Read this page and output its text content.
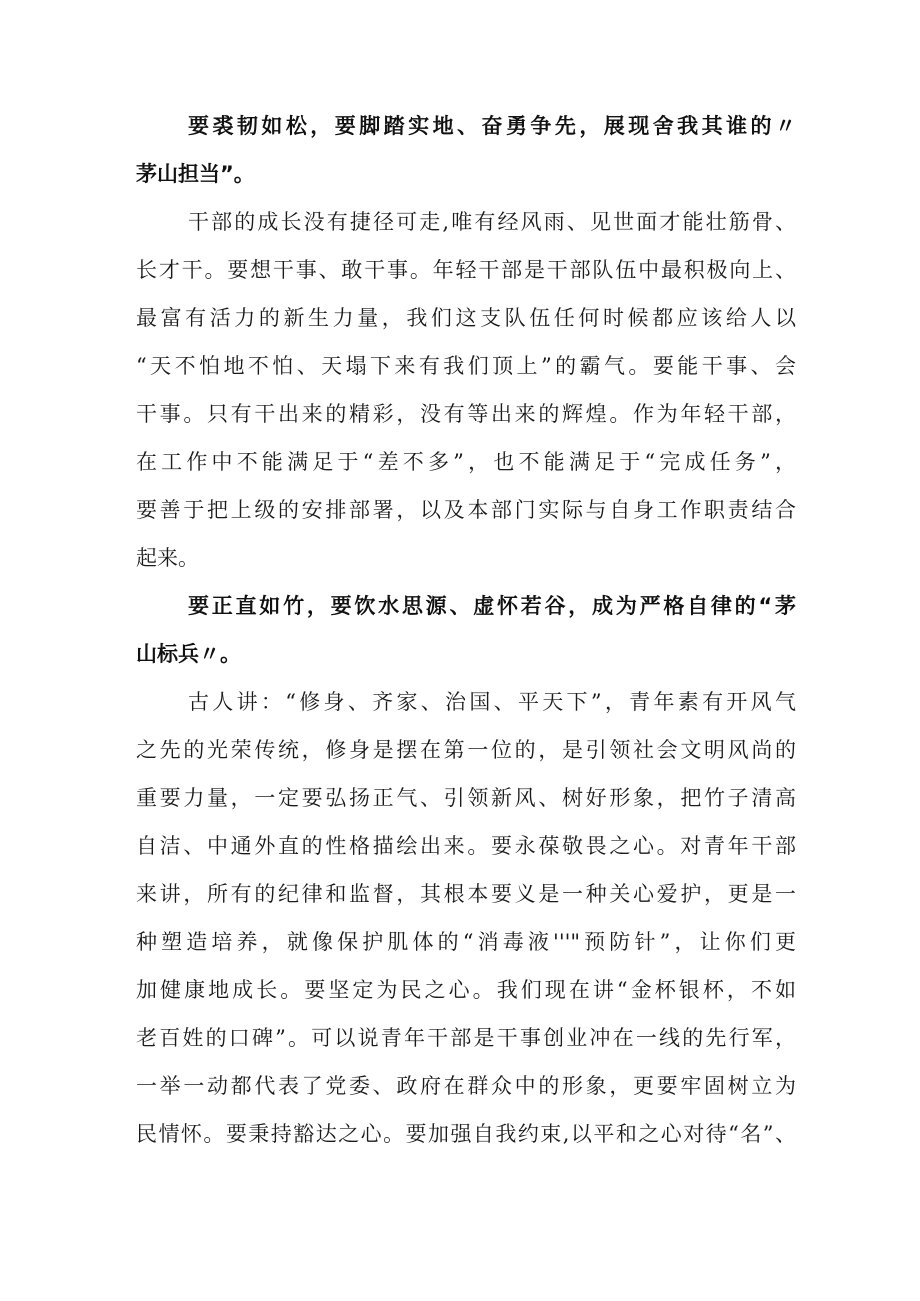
要裘韧如松，要脚踏实地、奋勇争先，展现舍我其谁的〃
茅山担当”。
干部的成长没有捷径可走,唯有经风雨、见世面才能壮筋骨、
长才干。要想干事、敢干事。年轻干部是干部队伍中最积极向上、
最富有活力的新生力量，我们这支队伍任何时候都应该给人以
“天不怕地不怕、天塌下来有我们顶上”的霸气。要能干事、会
干事。只有干出来的精彩，没有等出来的辉煌。作为年轻干部，
在工作中不能满足于“差不多”，也不能满足于“完成任务”，
要善于把上级的安排部署，以及本部门实际与自身工作职责结合
起来。
要正直如竹，要饮水思源、虚怀若谷，成为严格自律的“茅
山标兵〃。
古人讲：“修身、齐家、治国、平天下”，青年素有开风气
之先的光荣传统，修身是摆在第一位的，是引领社会文明风尚的
重要力量，一定要弘扬正气、引领新风、树好形象，把竹子清高
自洁、中通外直的性格描绘出来。要永葆敬畏之心。对青年干部
来讲，所有的纪律和监督，其根本要义是一种关心爱护，更是一
种塑造培养，就像保护肌体的“消毒液'''"预防针”，让你们更
加健康地成长。要坚定为民之心。我们现在讲“金杯银杯，不如
老百姓的口碑”。可以说青年干部是干事创业冲在一线的先行军，
一举一动都代表了党委、政府在群众中的形象，更要牢固树立为
民情怀。要秉持豁达之心。要加强自我约束,以平和之心对待“名”、
